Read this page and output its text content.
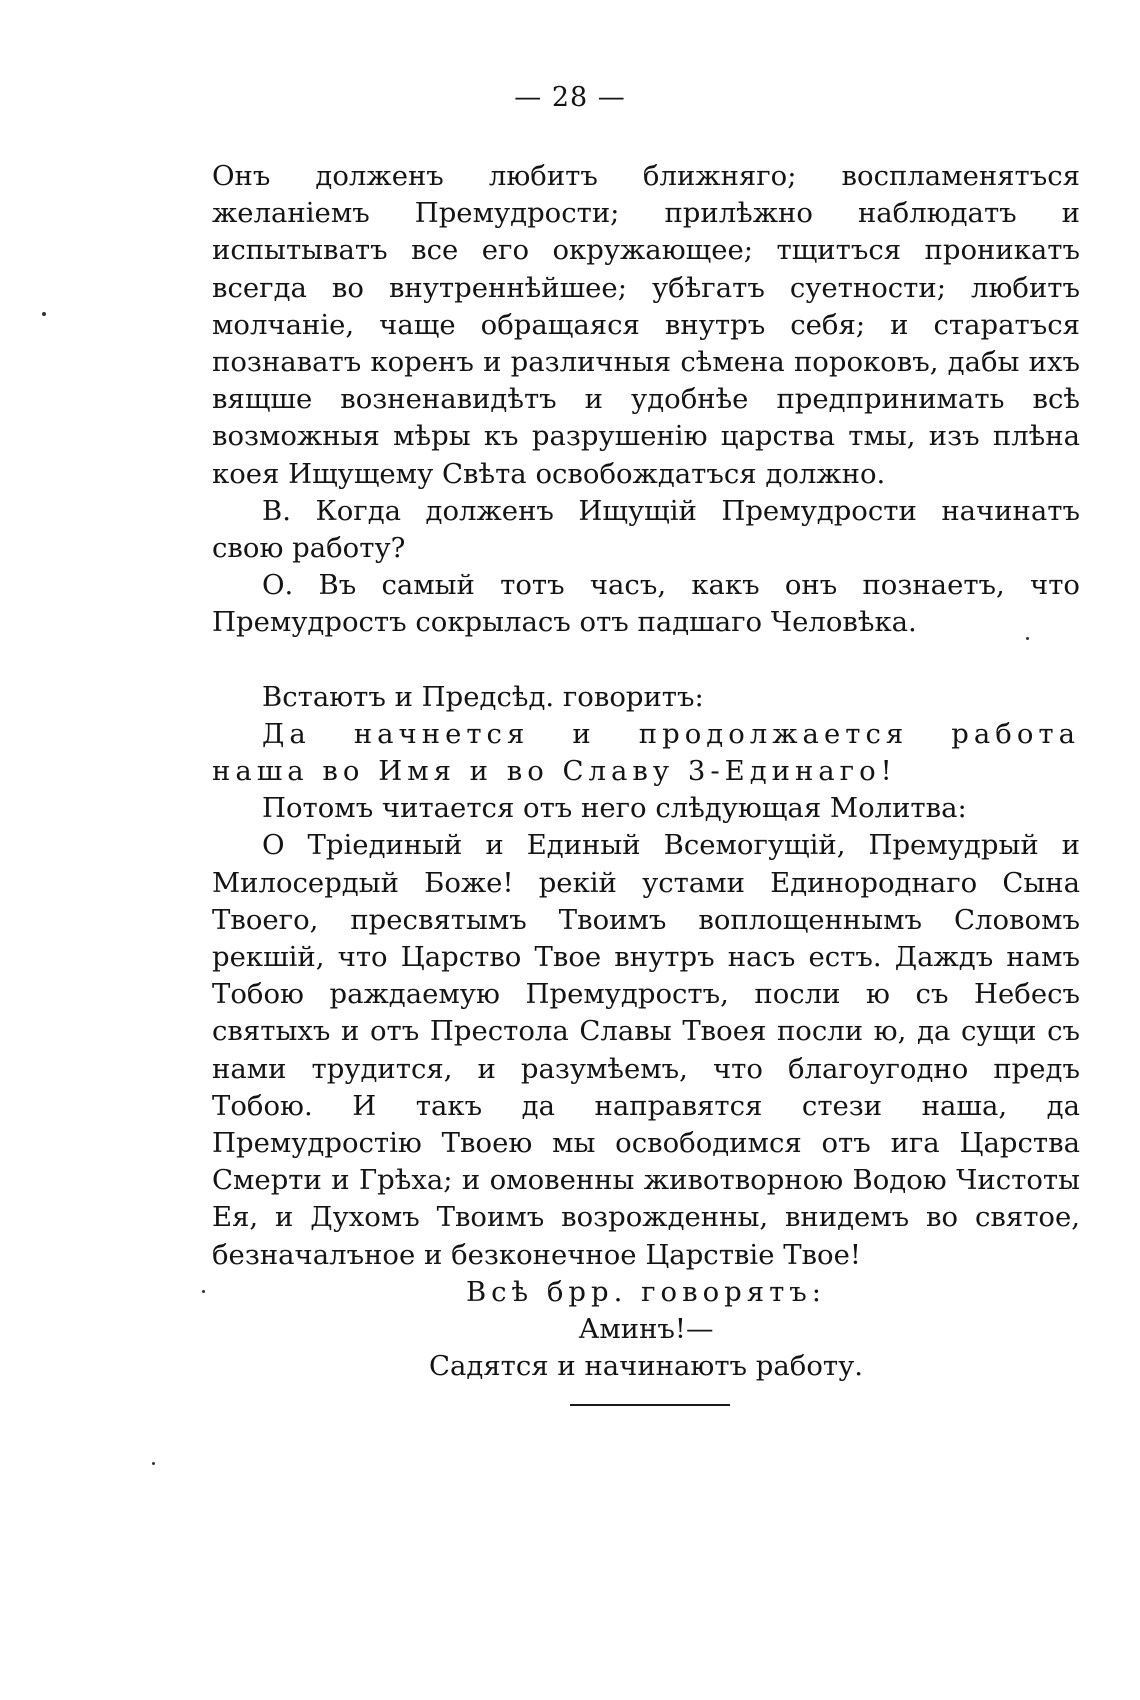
— 28 —

Онъ долженъ любитъ ближняго; воспламенятъся желанiемъ Премудрости; прилѣжно наблюдатъ и испытыватъ все его окружающее; тщитъся проникатъ всегда во внутреннѣйшее; убѣгатъ суетности; любитъ молчанiе, чаще обращаяся внутръ себя; и старатъся познаватъ коренъ и различныя сѣмена пороковъ, дабы ихъ вящше возненавидѣтъ и удобнѣе предпринимать всѣ возможныя мѣры къ разрушенiю царства тмы, изъ плѣна коея Ищущему Свѣта освобождатъся должно.

В. Когда долженъ Ищущiй Премудрости начинатъ свою работу?

О. Въ самый тотъ часъ, какъ онъ познаетъ, что Премудростъ сокрыласъ отъ падшаго Человѣка.

Встаютъ и Предсѣд. говоритъ:

Да начнется и продолжается работа

наша во Имя и во Славу 3-Единаго!

Потомъ читается отъ него слѣдующая Молитва:

О Трiединый и Единый Всемогущiй, Премудрый и Милосердый Боже! рекiй устами Единороднаго Сына Твоего, пресвятымъ Твоимъ воплощеннымъ Словомъ рекшiй, что Царство Твое внутръ насъ естъ. Даждъ намъ Тобою раждаемую Премудростъ, посли ю съ Небесъ святыхъ и отъ Престола Славы Твоея посли ю, да сущи съ нами трудится, и разумѣемъ, что благоугодно предъ Тобою. И такъ да направятся стези наша, да Премудростiю Твоею мы освободимся отъ ига Царства Смерти и Грѣха; и омовенны животворною Водою Чистоты Ея, и Духомъ Твоимъ возрожденны, внидемъ во святое, безначалъное и безконечное Царствiе Твое!

Всѣ брр. говорятъ:

Аминъ!—

Садятся и начинаютъ работу.
